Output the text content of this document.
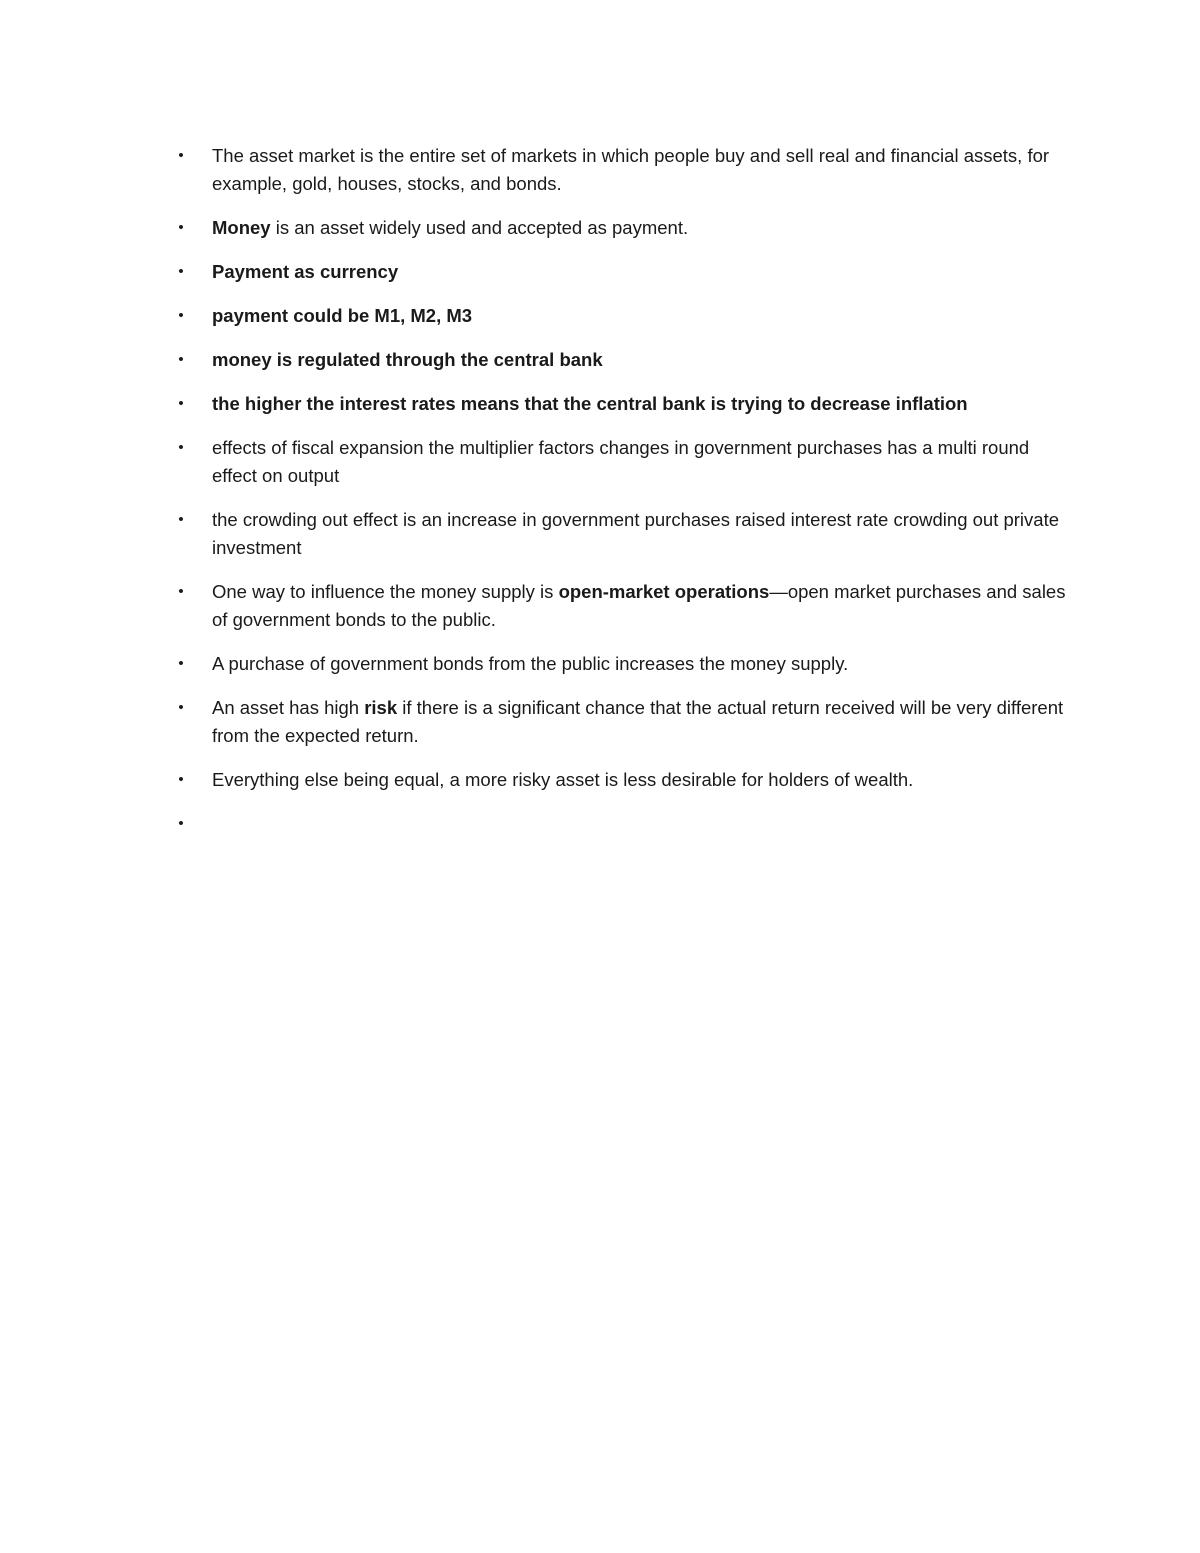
• The asset market is the entire set of markets in which people buy and sell real and financial assets, for example, gold, houses, stocks, and bonds.
• Money is an asset widely used and accepted as payment.
• Payment as currency
• payment could be M1, M2, M3
• money is regulated through the central bank
• the higher the interest rates means that the central bank is trying to decrease inflation
• effects of fiscal expansion the multiplier factors changes in government purchases has a multi round effect on output
• the crowding out effect is an increase in government purchases raised interest rate crowding out private investment
• One way to influence the money supply is open-market operations—open market purchases and sales of government bonds to the public.
• A purchase of government bonds from the public increases the money supply.
• An asset has high risk if there is a significant chance that the actual return received will be very different from the expected return.
• Everything else being equal, a more risky asset is less desirable for holders of wealth.
•
